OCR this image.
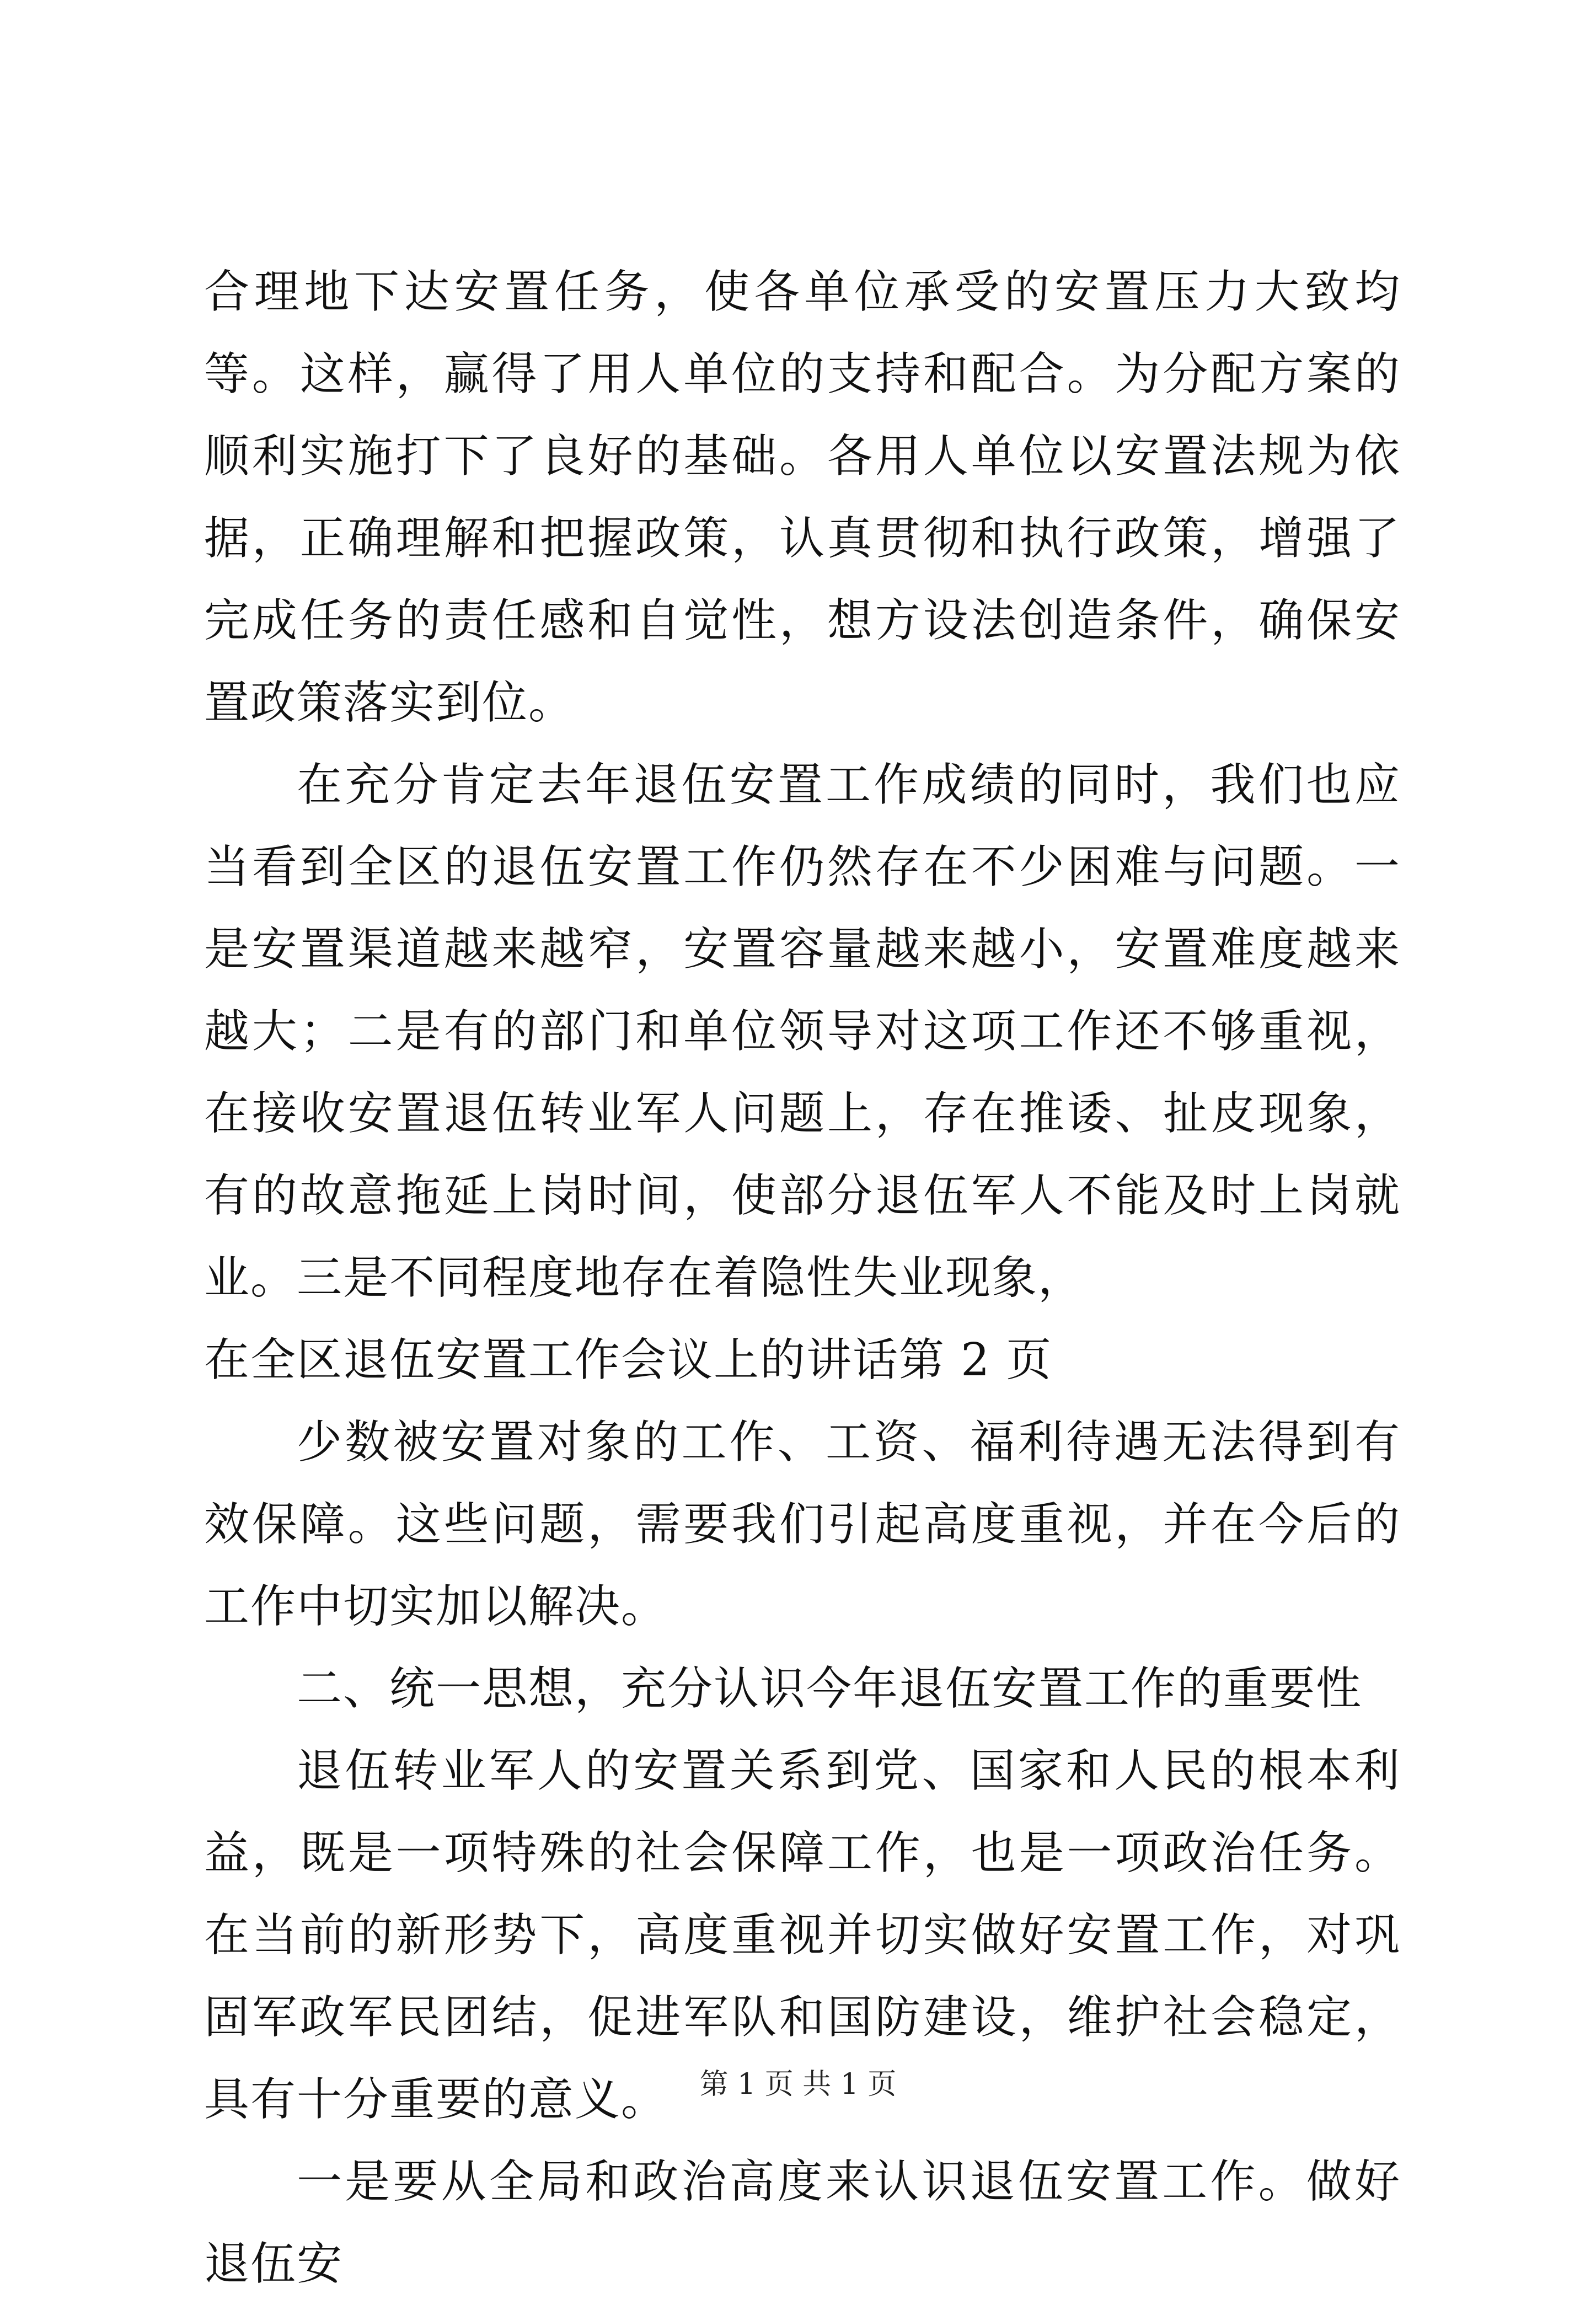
合理地下达安置任务，使各单位承受的安置压力大致均等。这样，赢得了用人单位的支持和配合。为分配方案的顺利实施打下了良好的基础。各用人单位以安置法规为依据，正确理解和把握政策，认真贯彻和执行政策，增强了完成任务的责任感和自觉性，想方设法创造条件，确保安置政策落实到位。

在充分肯定去年退伍安置工作成绩的同时，我们也应当看到全区的退伍安置工作仍然存在不少困难与问题。一是安置渠道越来越窄，安置容量越来越小，安置难度越来越大；二是有的部门和单位领导对这项工作还不够重视，在接收安置退伍转业军人问题上，存在推诿、扯皮现象，有的故意拖延上岗时间，使部分退伍军人不能及时上岗就业。三是不同程度地存在着隐性失业现象，

在全区退伍安置工作会议上的讲话第 2 页

少数被安置对象的工作、工资、福利待遇无法得到有效保障。这些问题，需要我们引起高度重视，并在今后的工作中切实加以解决。

二、统一思想，充分认识今年退伍安置工作的重要性

退伍转业军人的安置关系到党、国家和人民的根本利益，既是一项特殊的社会保障工作，也是一项政治任务。在当前的新形势下，高度重视并切实做好安置工作，对巩固军政军民团结，促进军队和国防建设，维护社会稳定，具有十分重要的意义。

一是要从全局和政治高度来认识退伍安置工作。做好退伍安

第 1 页 共 1 页
